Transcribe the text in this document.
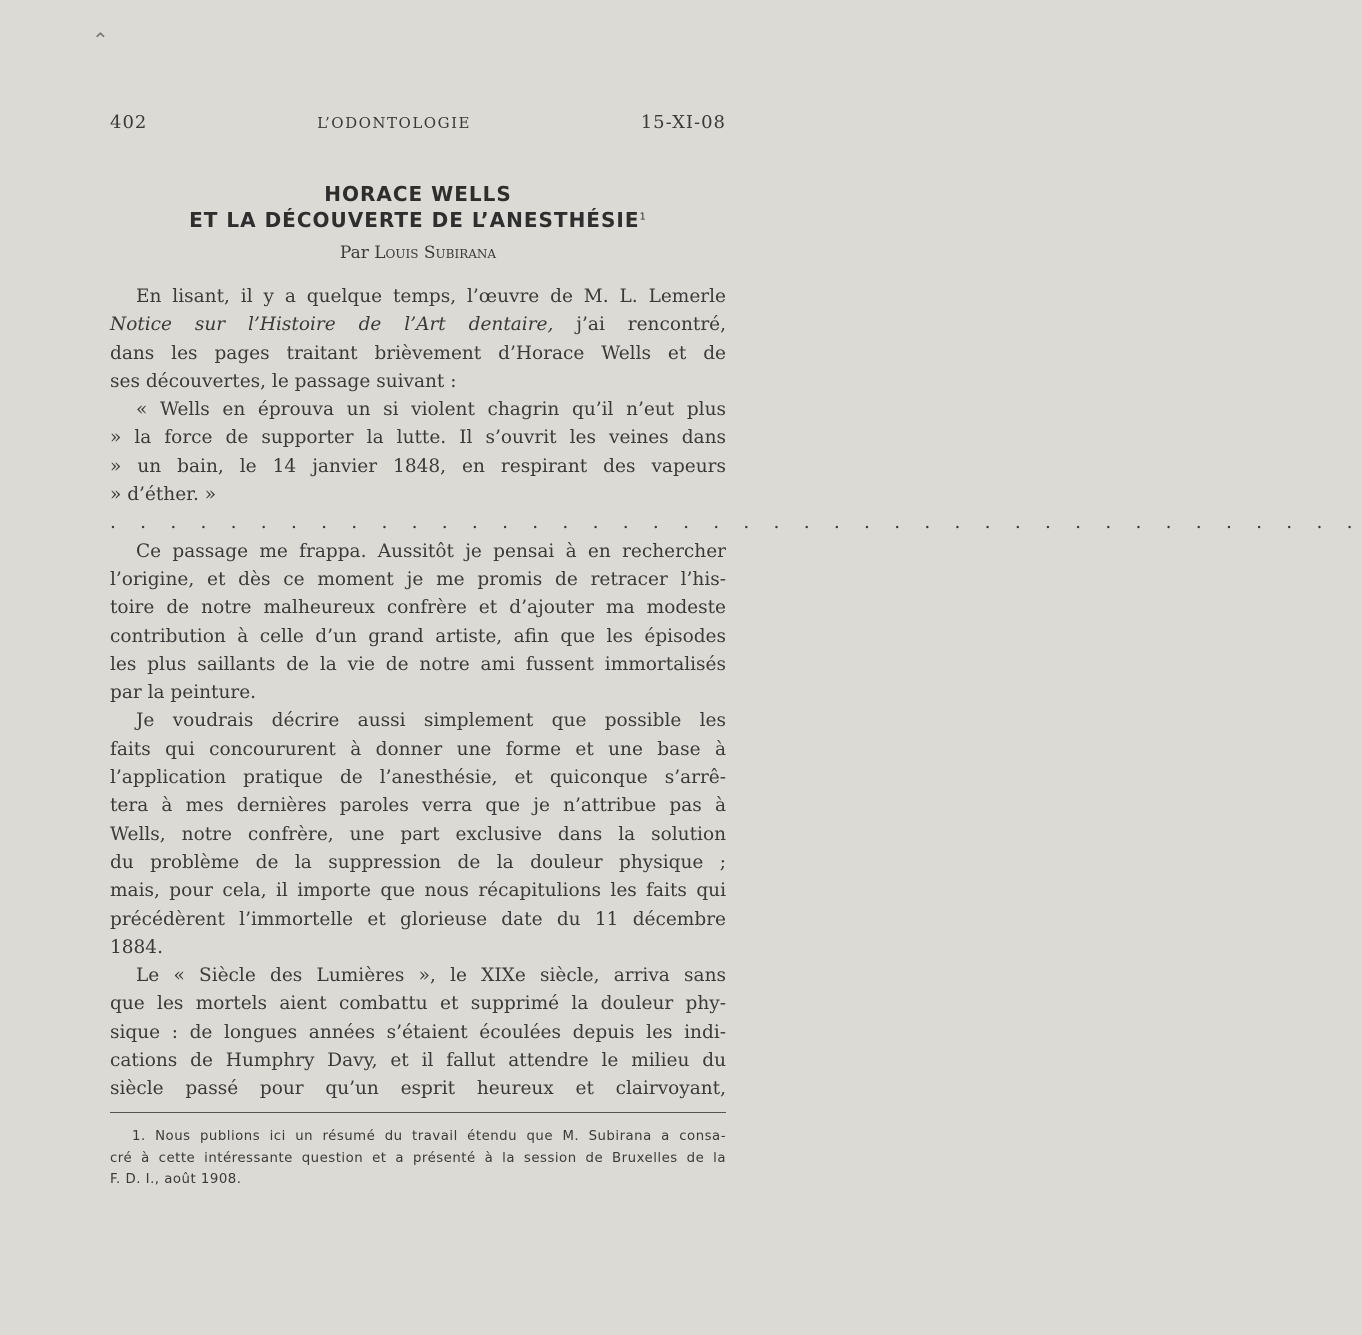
⌃
402	L’ODONTOLOGIE	15-XI-08
HORACE WELLS
ET LA DÉCOUVERTE DE L’ANESTHÉSIE$^1$
Par Louis Subirana
En lisant, il y a quelque temps, l’œuvre de M. L. Lemerle
Notice sur l’Histoire de l’Art dentaire, j’ai rencontré,
dans les pages traitant brièvement d’Horace Wells et de
ses découvertes, le passage suivant :
« Wells en éprouva un si violent chagrin qu’il n’eut plus
» la force de supporter la lutte. Il s’ouvrit les veines dans
» un bain, le 14 janvier 1848, en respirant des vapeurs
» d’éther. »
. . . . . . . . . . . . . . . . . . . . . . . . . . . . . . . . . . . . . . . . . .
Ce passage me frappa. Aussitôt je pensai à en rechercher
l’origine, et dès ce moment je me promis de retracer l’his-
toire de notre malheureux confrère et d’ajouter ma modeste
contribution à celle d’un grand artiste, afin que les épisodes
les plus saillants de la vie de notre ami fussent immortalisés
par la peinture.
Je voudrais décrire aussi simplement que possible les
faits qui concoururent à donner une forme et une base à
l’application pratique de l’anesthésie, et quiconque s’arrê-
tera à mes dernières paroles verra que je n’attribue pas à
Wells, notre confrère, une part exclusive dans la solution
du problème de la suppression de la douleur physique ;
mais, pour cela, il importe que nous récapitulions les faits qui
précédèrent l’immortelle et glorieuse date du 11 décembre
1884.
Le « Siècle des Lumières », le XIXe siècle, arriva sans
que les mortels aient combattu et supprimé la douleur phy-
sique : de longues années s’étaient écoulées depuis les indi-
cations de Humphry Davy, et il fallut attendre le milieu du
siècle passé pour qu’un esprit heureux et clairvoyant,
1. Nous publions ici un résumé du travail étendu que M. Subirana a consa-
cré à cette intéressante question et a présenté à la session de Bruxelles de la
F. D. I., août 1908.
